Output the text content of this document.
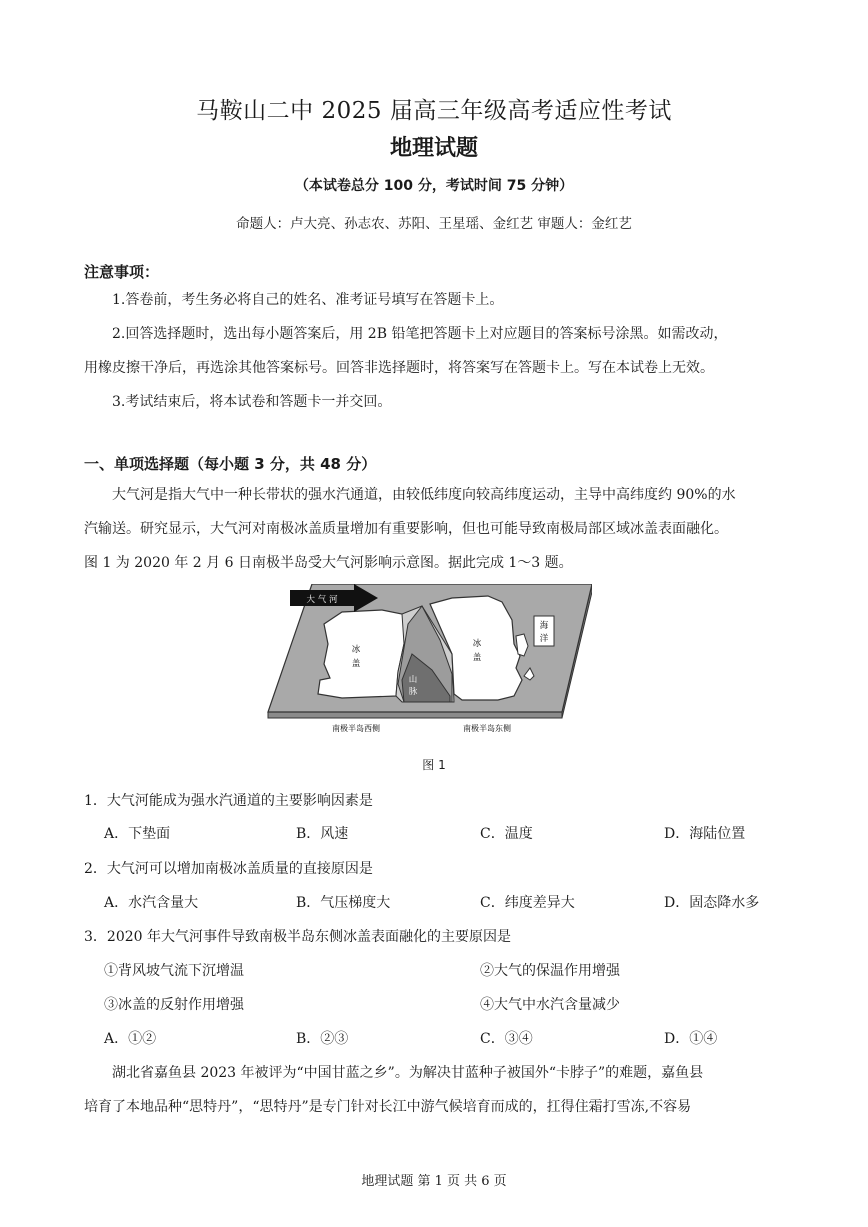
马鞍山二中 2025 届高三年级高考适应性考试
地理试题
（本试卷总分 100 分，考试时间 75 分钟）
命题人：卢大亮、孙志农、苏阳、王星瑶、金红艺 审题人：金红艺
注意事项：
1.答卷前，考生务必将自己的姓名、准考证号填写在答题卡上。
2.回答选择题时，选出每小题答案后，用 2B 铅笔把答题卡上对应题目的答案标号涂黑。如需改动，
用橡皮擦干净后，再选涂其他答案标号。回答非选择题时，将答案写在答题卡上。写在本试卷上无效。
3.考试结束后，将本试卷和答题卡一并交回。
一、单项选择题（每小题 3 分，共 48 分）
大气河是指大气中一种长带状的强水汽通道，由较低纬度向较高纬度运动，主导中高纬度约 90%的水
汽输送。研究显示，大气河对南极冰盖质量增加有重要影响，但也可能导致南极局部区域冰盖表面融化。
图 1 为 2020 年 2 月 6 日南极半岛受大气河影响示意图。据此完成 1～3 题。
大 气 河
冰
盖
冰
盖
山
脉
海
洋
南极半岛西侧	南极半岛东侧
图 1
1．大气河能成为强水汽通道的主要影响因素是
A．下垫面	B．风速	C．温度	D．海陆位置
2．大气河可以增加南极冰盖质量的直接原因是
A．水汽含量大	B．气压梯度大	C．纬度差异大	D．固态降水多
3．2020 年大气河事件导致南极半岛东侧冰盖表面融化的主要原因是
①背风坡气流下沉增温	②大气的保温作用增强
③冰盖的反射作用增强	④大气中水汽含量减少
A．①②	B．②③	C．③④	D．①④
湖北省嘉鱼县 2023 年被评为“中国甘蓝之乡”。为解决甘蓝种子被国外“卡脖子”的难题，嘉鱼县
培育了本地品种“思特丹”，“思特丹”是专门针对长江中游气候培育而成的，扛得住霜打雪冻,不容易
地理试题 第 1 页 共 6 页
